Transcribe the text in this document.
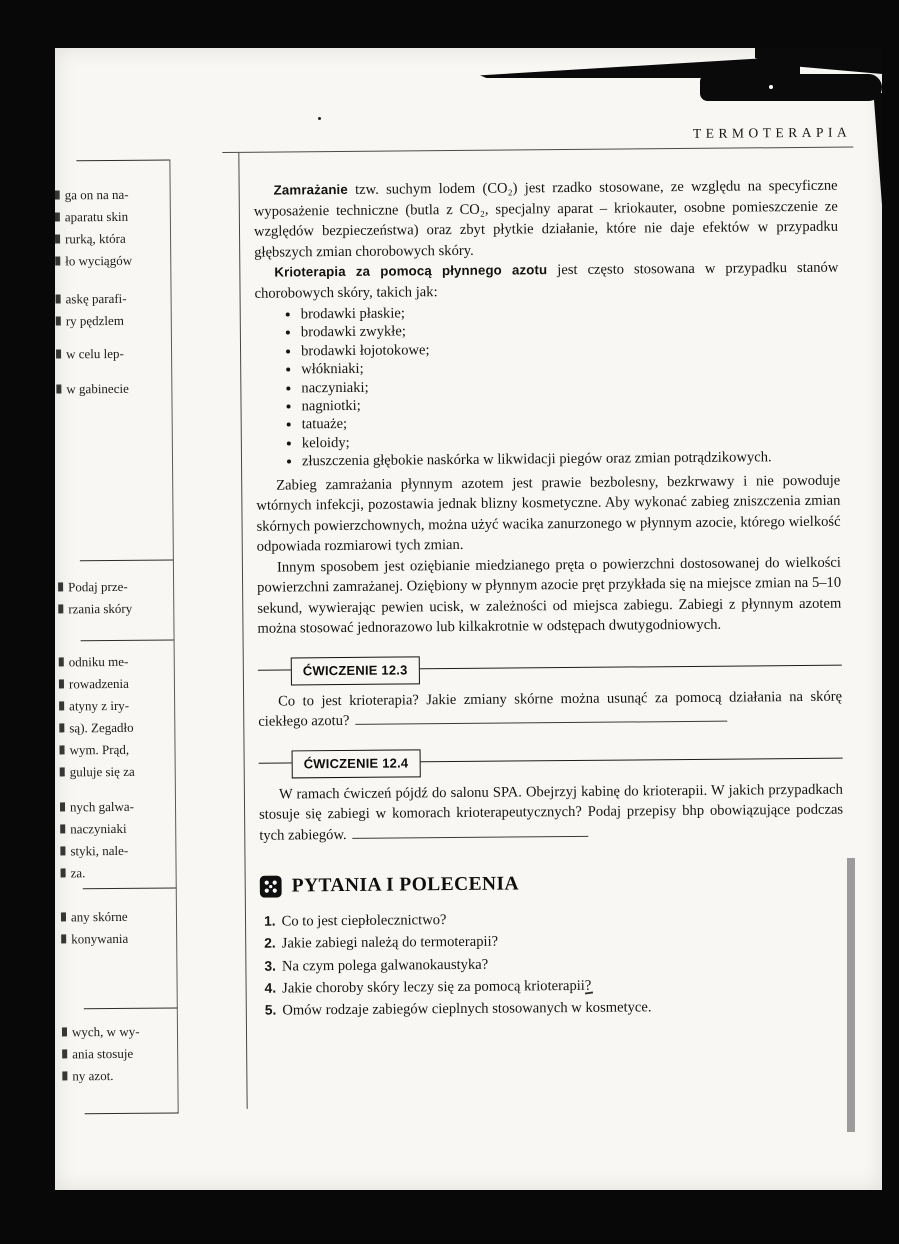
TERMOTERAPIA
ga on na na-
aparatu skin
rurką, która
ło wyciągów
askę parafi-
ry pędzlem
w celu lep-
w gabinecie
Podaj prze-
rzania skóry
odniku me-
rowadzenia
atyny z iry-
są). Zegadło
wym. Prąd,
guluje się za
nych galwa-
naczyniaki
styki, nale-
za.
any skórne
konywania
wych, w wy-
ania stosuje
ny azot.

Zamrażanie tzw. suchym lodem (CO₂) jest rzadko stosowane, ze względu na specyficzne wyposażenie techniczne (butla z CO₂, specjalny aparat – kriokauter, osobne pomieszczenie ze względów bezpieczeństwa) oraz zbyt płytkie działanie, które nie daje efektów w przypadku głębszych zmian chorobowych skóry.

Krioterapia za pomocą płynnego azotu jest często stosowana w przypadku stanów chorobowych skóry, takich jak:

• brodawki płaskie;
• brodawki zwykłe;
• brodawki łojotokowe;
• włókniaki;
• naczyniaki;
• nagniotki;
• tatuaże;
• keloidy;
• złuszczenia głębokie naskórka w likwidacji piegów oraz zmian potrądzikowych.

Zabieg zamrażania płynnym azotem jest prawie bezbolesny, bezkrwawy i nie powoduje wtórnych infekcji, pozostawia jednak blizny kosmetyczne. Aby wykonać zabieg zniszczenia zmian skórnych powierzchownych, można użyć wacika zanurzonego w płynnym azocie, którego wielkość odpowiada rozmiarowi tych zmian.

Innym sposobem jest oziębianie miedzianego pręta o powierzchni dostosowanej do wielkości powierzchni zamrażanej. Oziębiony w płynnym azocie pręt przykłada się na miejsce zmian na 5–10 sekund, wywierając pewien ucisk, w zależności od miejsca zabiegu. Zabiegi z płynnym azotem można stosować jednorazowo lub kilkakrotnie w odstępach dwutygodniowych.

ĆWICZENIE 12.3

Co to jest krioterapia? Jakie zmiany skórne można usunąć za pomocą działania na skórę ciekłego azotu?

ĆWICZENIE 12.4

W ramach ćwiczeń pójdź do salonu SPA. Obejrzyj kabinę do krioterapii. W jakich przypadkach stosuje się zabiegi w komorach krioterapeutycznych? Podaj przepisy bhp obowiązujące podczas tych zabiegów.

PYTANIA I POLECENIA
1. Co to jest ciepłolecznictwo?
2. Jakie zabiegi należą do termoterapii?
3. Na czym polega galwanokaustyka?
4. Jakie choroby skóry leczy się za pomocą krioterapii?
5. Omów rodzaje zabiegów cieplnych stosowanych w kosmetyce.
